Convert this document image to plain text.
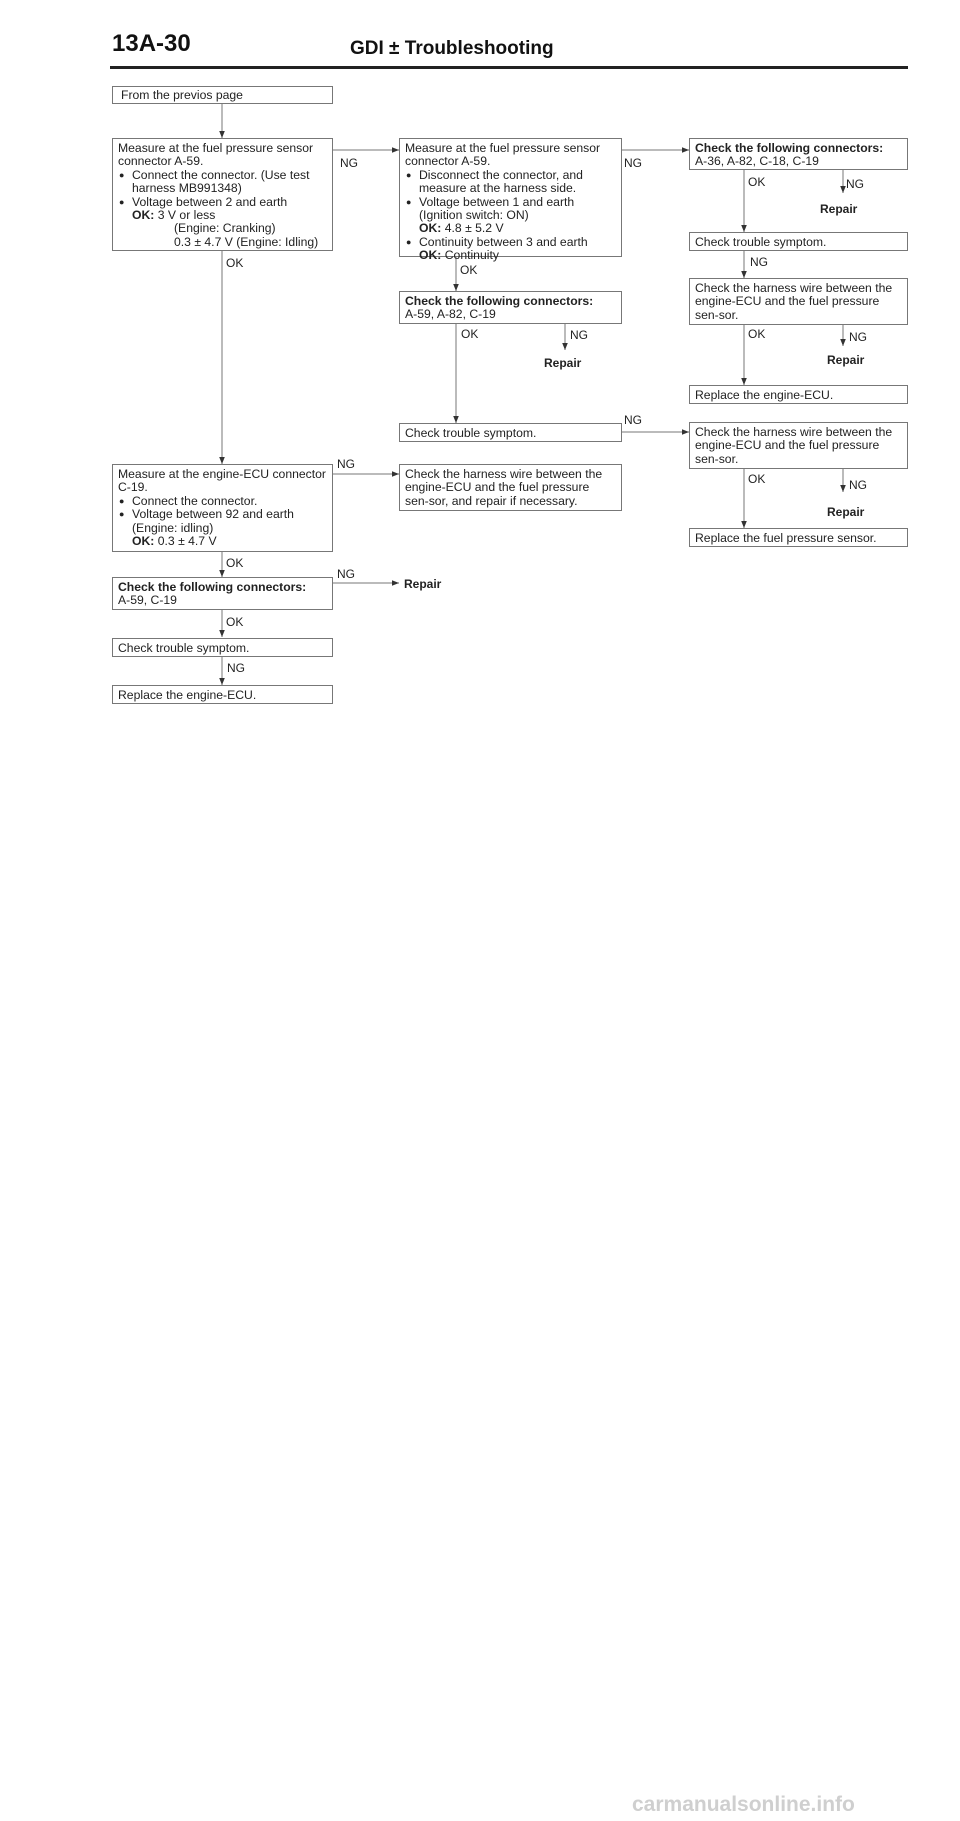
13A-30	GDI ± Troubleshooting
From the previos page
Measure at the fuel pressure sensor connector A-59.
● Connect the connector. (Use test harness MB991348)
● Voltage between 2 and earth
OK: 3 V or less
(Engine: Cranking)
0.3 ± 4.7 V (Engine: Idling)
Measure at the fuel pressure sensor connector A-59.
● Disconnect the connector, and measure at the harness side.
● Voltage between 1 and earth
(Ignition switch: ON)
OK: 4.8 ± 5.2 V
● Continuity between 3 and earth
OK: Continuity
Check the following connectors:
A-36, A-82, C-18, C-19
Check trouble symptom.
Check the harness wire between the engine-ECU and the fuel pressure sen-sor.
Replace the engine-ECU.
Check the following connectors:
A-59, A-82, C-19
Check trouble symptom.	Check the harness wire between the engine-ECU and the fuel pressure sen-sor.
Replace the fuel pressure sensor.
Measure at the engine-ECU connector C-19.
● Connect the connector.
● Voltage between 92 and earth
(Engine: idling)
OK: 0.3 ± 4.7 V
Check the harness wire between the engine-ECU and the fuel pressure sen-sor, and repair if necessary.
Check the following connectors:
A-59, C-19
Check trouble symptom.
Replace the engine-ECU.
NG	NG
OK	OK
OK	NG
Repair
NG
OK	NG
Repair
OK	NG
Repair
NG
OK	NG
Repair
NG
OK
NG
Repair
OK
NG
carmanualsonline.info
